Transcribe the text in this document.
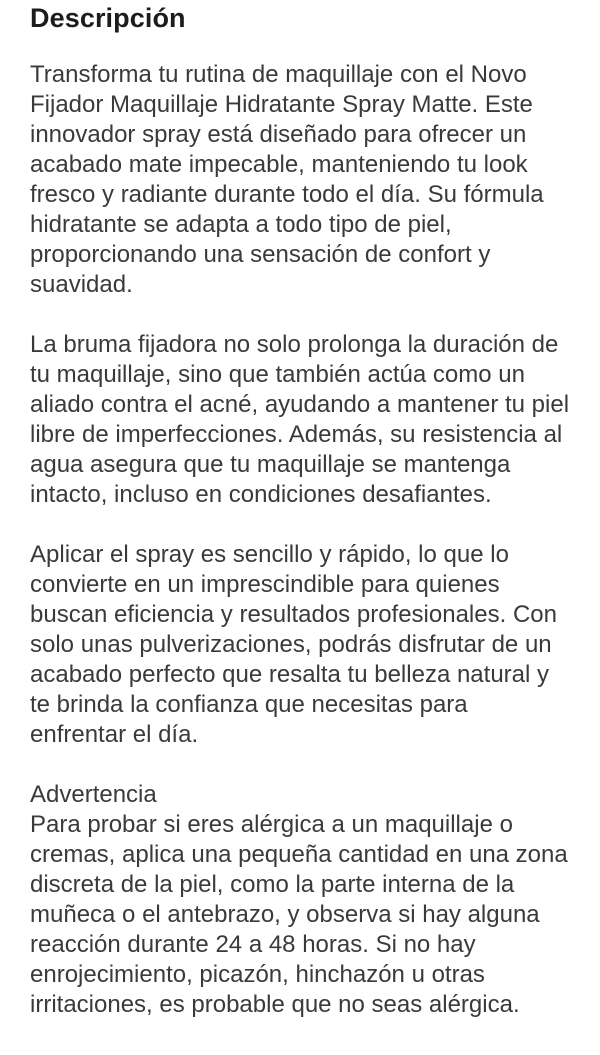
Descripción

Transforma tu rutina de maquillaje con el Novo Fijador Maquillaje Hidratante Spray Matte. Este innovador spray está diseñado para ofrecer un acabado mate impecable, manteniendo tu look fresco y radiante durante todo el día. Su fórmula hidratante se adapta a todo tipo de piel, proporcionando una sensación de confort y suavidad.

La bruma fijadora no solo prolonga la duración de tu maquillaje, sino que también actúa como un aliado contra el acné, ayudando a mantener tu piel libre de imperfecciones. Además, su resistencia al agua asegura que tu maquillaje se mantenga intacto, incluso en condiciones desafiantes.

Aplicar el spray es sencillo y rápido, lo que lo convierte en un imprescindible para quienes buscan eficiencia y resultados profesionales. Con solo unas pulverizaciones, podrás disfrutar de un acabado perfecto que resalta tu belleza natural y te brinda la confianza que necesitas para enfrentar el día.

Advertencia
Para probar si eres alérgica a un maquillaje o cremas, aplica una pequeña cantidad en una zona discreta de la piel, como la parte interna de la muñeca o el antebrazo, y observa si hay alguna reacción durante 24 a 48 horas. Si no hay enrojecimiento, picazón, hinchazón u otras irritaciones, es probable que no seas alérgica.
